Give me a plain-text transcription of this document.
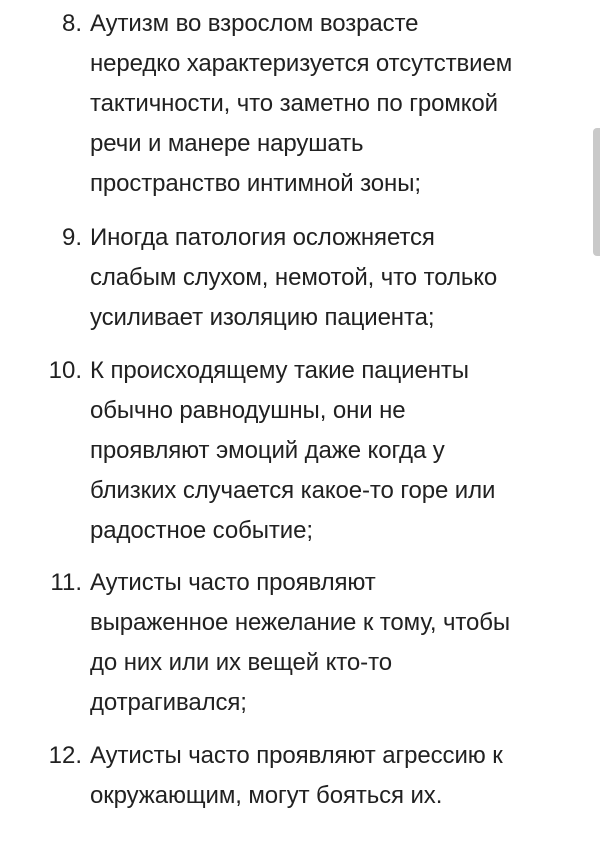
8. Аутизм во взрослом возрасте
нередко характеризуется отсутствием
тактичности, что заметно по громкой
речи и манере нарушать
пространство интимной зоны;
9. Иногда патология осложняется
слабым слухом, немотой, что только
усиливает изоляцию пациента;
10. К происходящему такие пациенты
обычно равнодушны, они не
проявляют эмоций даже когда у
близких случается какое-то горе или
радостное событие;
11. Аутисты часто проявляют
выраженное нежелание к тому, чтобы
до них или их вещей кто-то
дотрагивался;
12. Аутисты часто проявляют агрессию к
окружающим, могут бояться их.
